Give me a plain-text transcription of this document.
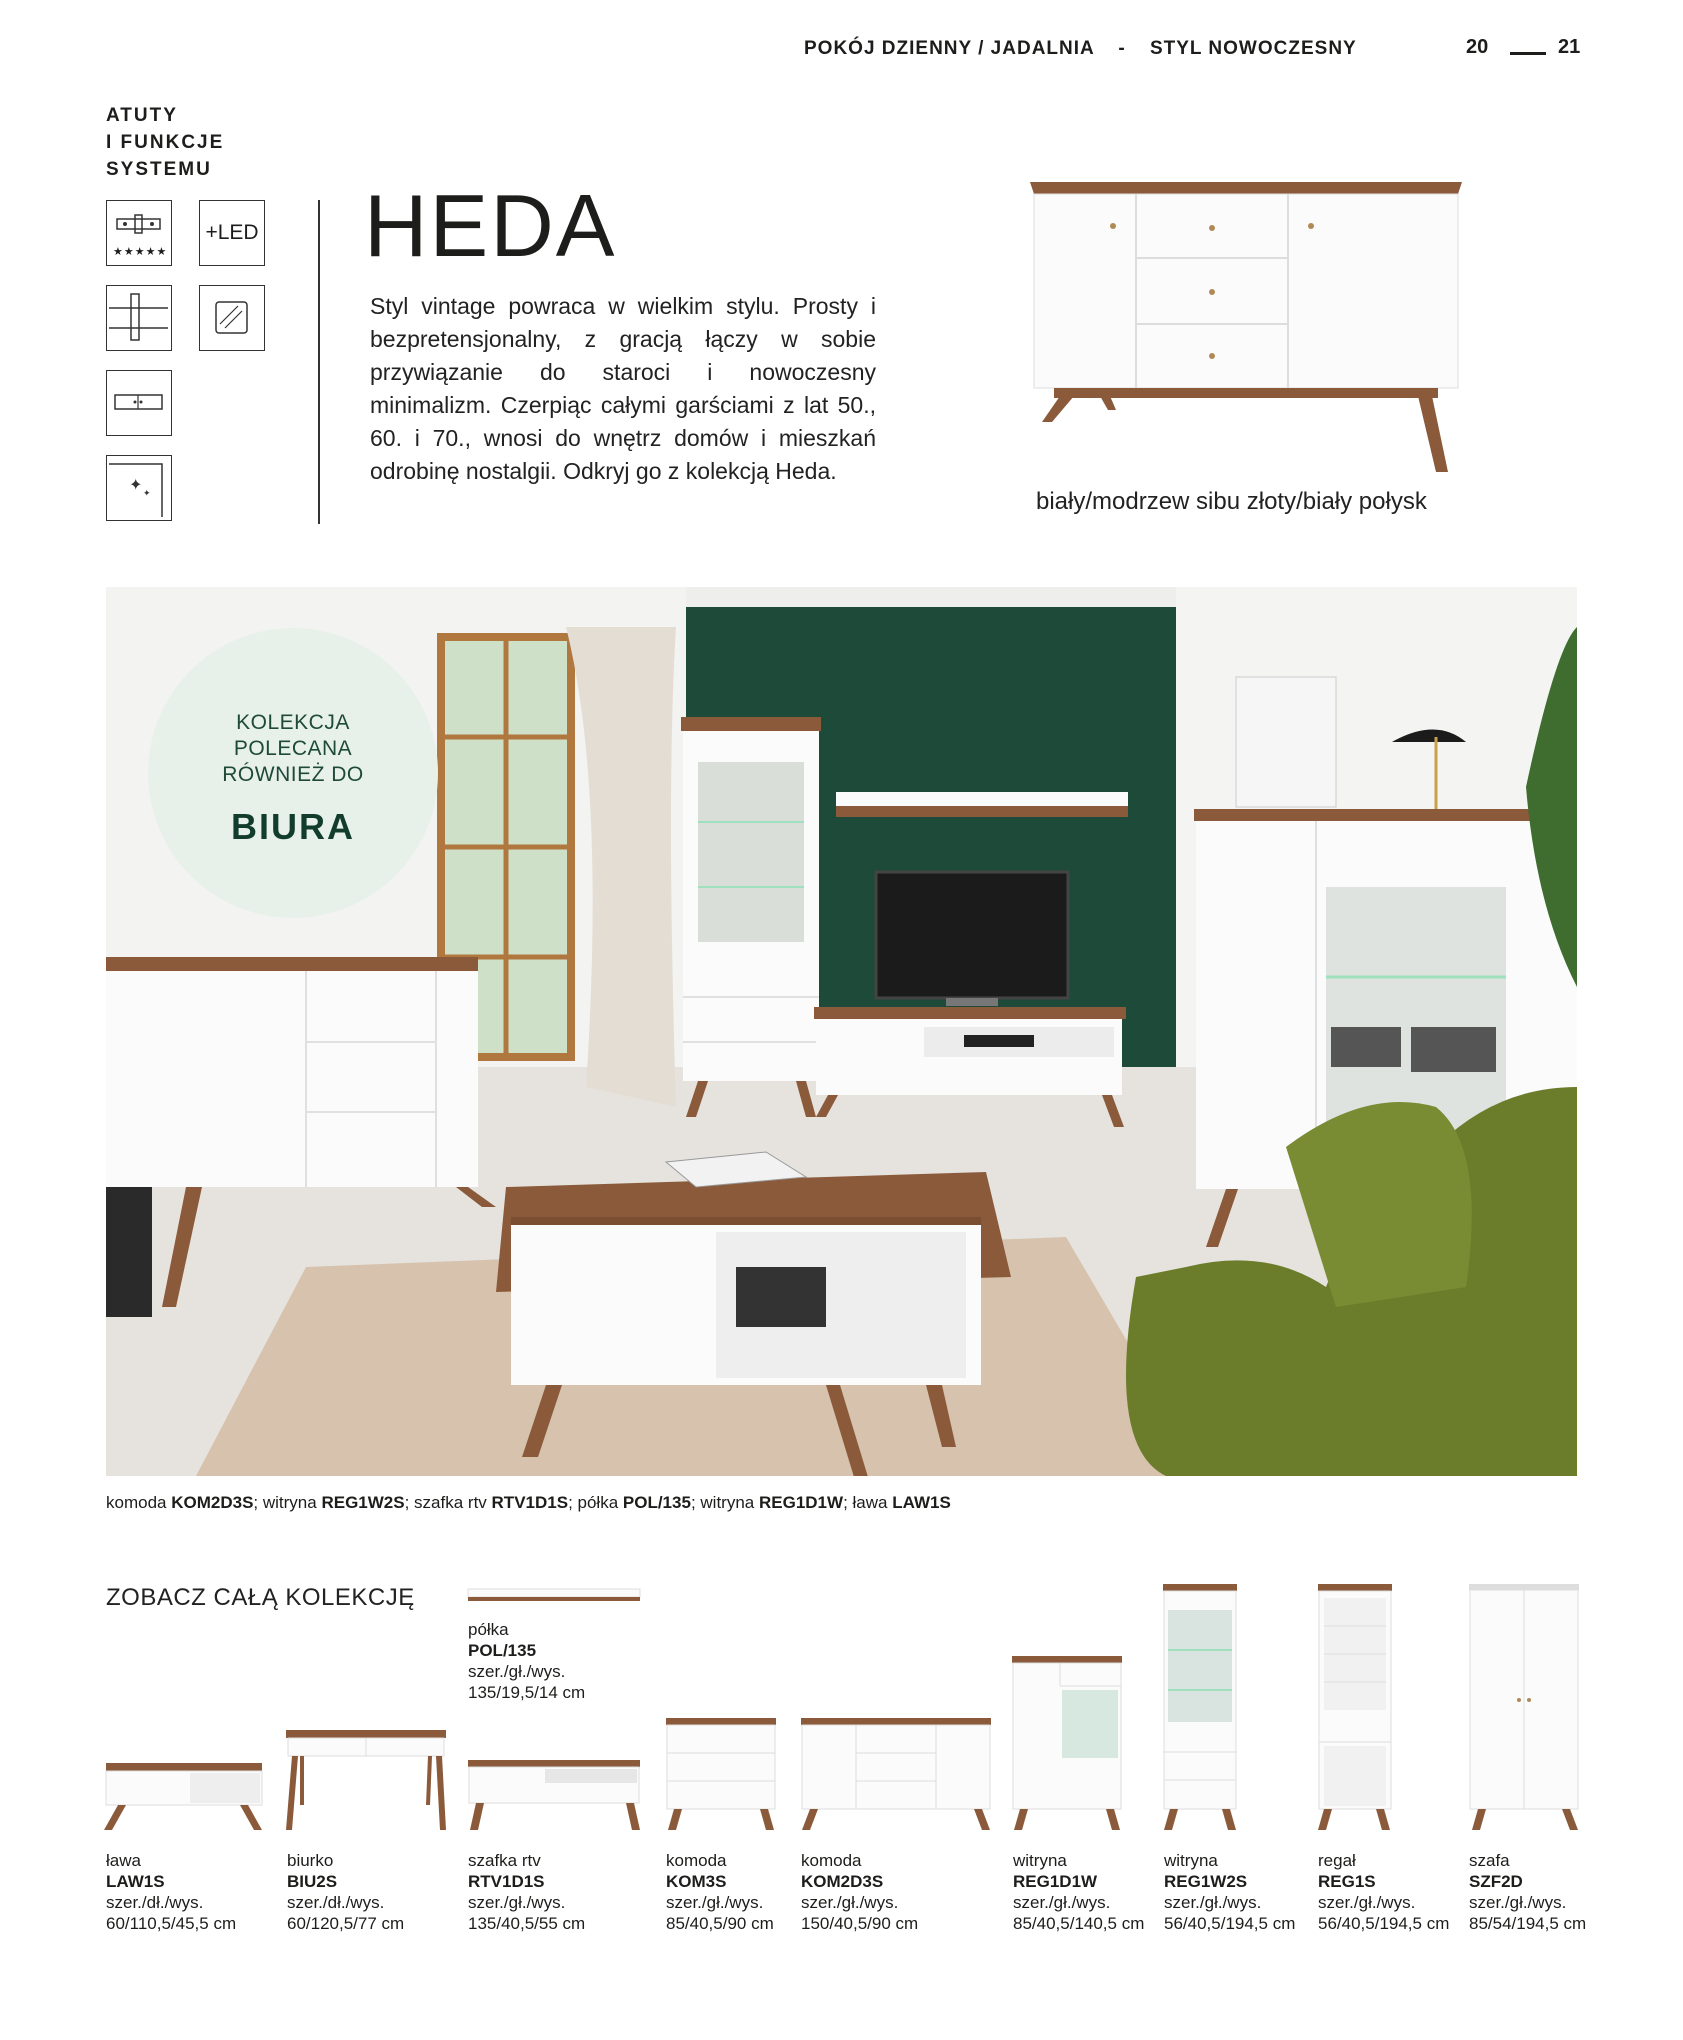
POKÓJ DZIENNY / JADALNIA - STYL NOWOCZESNY	20	21
ATUTY
I FUNKCJE
SYSTEMU
★★★★★
+LED
✦ ✦
HEDA
Styl vintage powraca w wielkim stylu. Prosty i bezpretensjonalny, z gracją łączy w sobie przywiązanie do staroci i nowoczesny minimalizm. Czerpiąc całymi garściami z lat 50., 60. i 70., wnosi do wnętrz domów i mieszkań odrobinę nostalgii. Odkryj go z kolekcją Heda.
biały/modrzew sibu złoty/biały połysk
KOLEKCJA
POLECANA
RÓWNIEŻ DO
BIURA
komoda KOM2D3S; witryna REG1W2S; szafka rtv RTV1D1S; półka POL/135; witryna REG1D1W; ława LAW1S
ZOBACZ CAŁĄ KOLEKCJĘ
ława
LAW1S
szer./dł./wys.
60/110,5/45,5 cm
biurko
BIU2S
szer./dł./wys.
60/120,5/77 cm
półka
POL/135
szer./gł./wys.
135/19,5/14 cm
szafka rtv
RTV1D1S
szer./gł./wys.
135/40,5/55 cm
komoda
KOM3S
szer./gł./wys.
85/40,5/90 cm
komoda
KOM2D3S
szer./gł./wys.
150/40,5/90 cm
witryna
REG1D1W
szer./gł./wys.
85/40,5/140,5 cm
witryna
REG1W2S
szer./gł./wys.
56/40,5/194,5 cm
regał
REG1S
szer./gł./wys.
56/40,5/194,5 cm
szafa
SZF2D
szer./gł./wys.
85/54/194,5 cm
